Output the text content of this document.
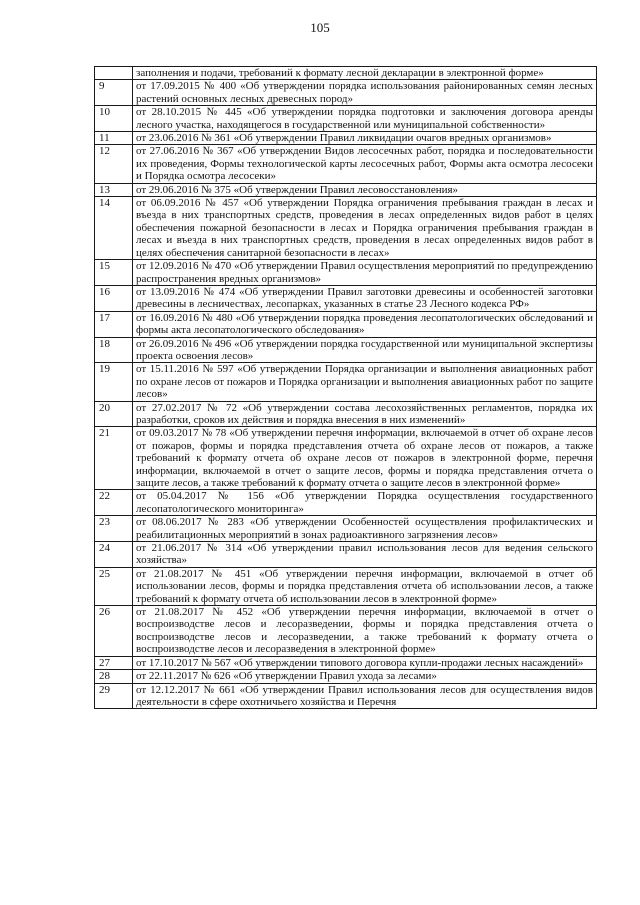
105
	заполнения и подачи, требований к формату лесной декларации в электронной форме»
9	от 17.09.2015 № 400 «Об утверждении порядка использования районированных семян лесных растений основных лесных древесных пород»
10	от 28.10.2015 № 445 «Об утверждении порядка подготовки и заключения договора аренды лесного участка, находящегося в государственной или муниципальной собственности»
11	от 23.06.2016 № 361 «Об утверждении Правил ликвидации очагов вредных организмов»
12	от 27.06.2016 № 367 «Об утверждении Видов лесосечных работ, порядка и последовательности их проведения, Формы технологической карты лесосечных работ, Формы акта осмотра лесосеки и Порядка осмотра лесосеки»
13	от 29.06.2016 № 375 «Об утверждении Правил лесовосстановления»
14	от 06.09.2016 № 457 «Об утверждении Порядка ограничения пребывания граждан в лесах и въезда в них транспортных средств, проведения в лесах определенных видов работ в целях обеспечения пожарной безопасности в лесах и Порядка ограничения пребывания граждан в лесах и въезда в них транспортных средств, проведения в лесах определенных видов работ в целях обеспечения санитарной безопасности в лесах»
15	от 12.09.2016 № 470 «Об утверждении Правил осуществления мероприятий по предупреждению распространения вредных организмов»
16	от 13.09.2016 № 474 «Об утверждении Правил заготовки древесины и особенностей заготовки древесины в лесничествах, лесопарках, указанных в статье 23 Лесного кодекса РФ»
17	от 16.09.2016 № 480 «Об утверждении порядка проведения лесопатологических обследований и формы акта лесопатологического обследования»
18	от 26.09.2016 № 496 «Об утверждении порядка государственной или муниципальной экспертизы проекта освоения лесов»
19	от 15.11.2016 № 597 «Об утверждении Порядка организации и выполнения авиационных работ по охране лесов от пожаров и Порядка организации и выполнения авиационных работ по защите лесов»
20	от 27.02.2017 № 72 «Об утверждении состава лесохозяйственных регламентов, порядка их разработки, сроков их действия и порядка внесения в них изменений»
21	от 09.03.2017 № 78 «Об утверждении перечня информации, включаемой в отчет об охране лесов от пожаров, формы и порядка представления отчета об охране лесов от пожаров, а также требований к формату отчета об охране лесов от пожаров в электронной форме, перечня информации, включаемой в отчет о защите лесов, формы и порядка представления отчета о защите лесов, а также требований к формату отчета о защите лесов в электронной форме»
22	от 05.04.2017 № 156 «Об утверждении Порядка осуществления государственного лесопатологического мониторинга»
23	от 08.06.2017 № 283 «Об утверждении Особенностей осуществления профилактических и реабилитационных мероприятий в зонах радиоактивного загрязнения лесов»
24	от 21.06.2017 № 314 «Об утверждении правил использования лесов для ведения сельского хозяйства»
25	от 21.08.2017 № 451 «Об утверждении перечня информации, включаемой в отчет об использовании лесов, формы и порядка представления отчета об использовании лесов, а также требований к формату отчета об использовании лесов в электронной форме»
26	от 21.08.2017 № 452 «Об утверждении перечня информации, включаемой в отчет о воспроизводстве лесов и лесоразведении, формы и порядка представления отчета о воспроизводстве лесов и лесоразведении, а также требований к формату отчета о воспроизводстве лесов и лесоразведения в электронной форме»
27	от 17.10.2017 № 567 «Об утверждении типового договора купли-продажи лесных насаждений»
28	от 22.11.2017 № 626 «Об утверждении Правил ухода за лесами»
29	от 12.12.2017 № 661 «Об утверждении Правил использования лесов для осуществления видов деятельности в сфере охотничьего хозяйства и Перечня
